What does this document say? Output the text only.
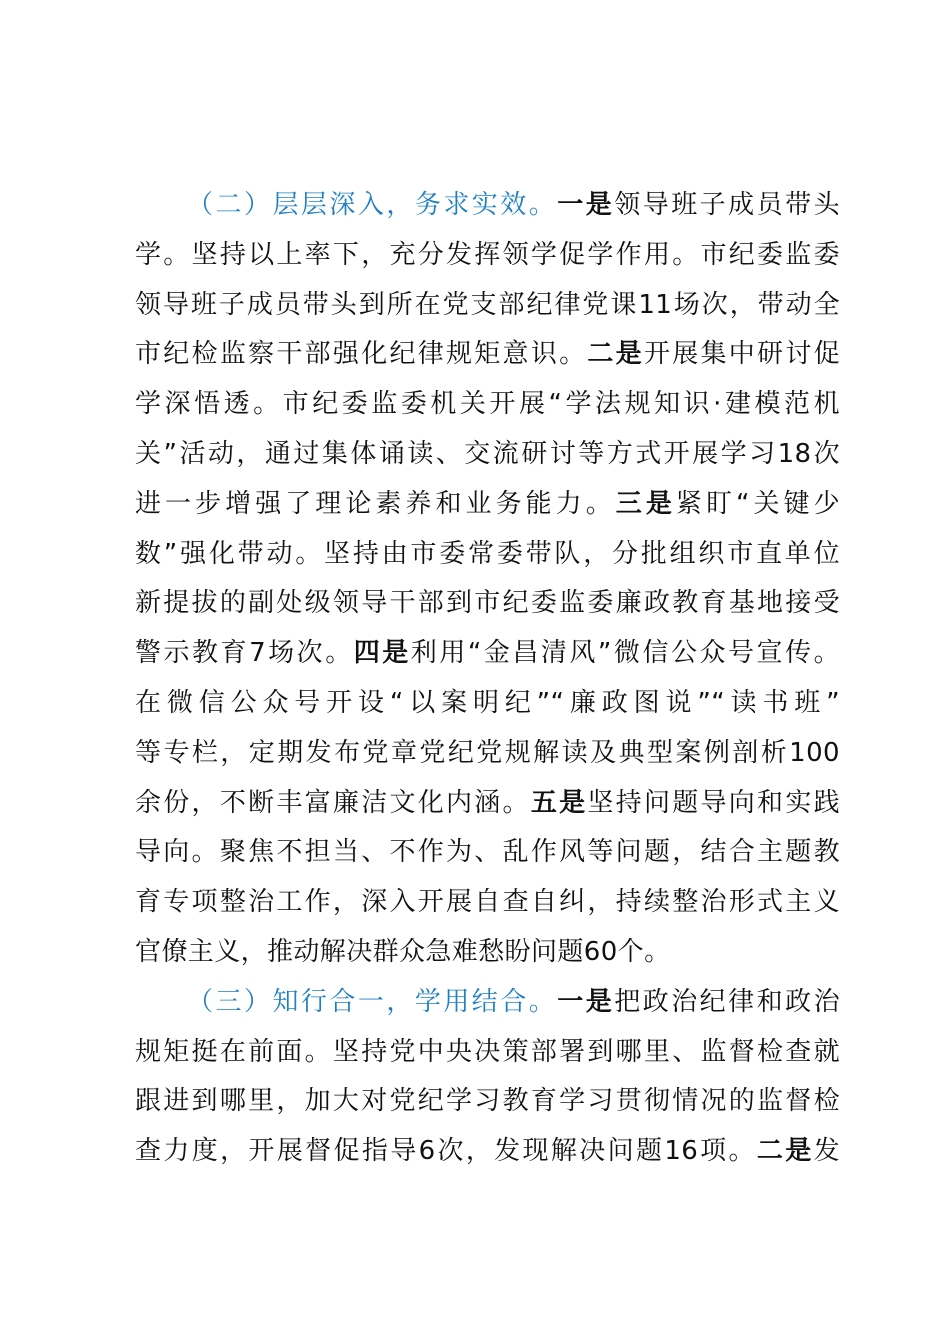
（二）层层深入，务求实效。一是领导班子成员带头
学。坚持以上率下，充分发挥领学促学作用。市纪委监委
领导班子成员带头到所在党支部纪律党课11场次，带动全
市纪检监察干部强化纪律规矩意识。二是开展集中研讨促
学深悟透。市纪委监委机关开展“学法规知识·建模范机
关”活动，通过集体诵读、交流研讨等方式开展学习18次
进一步增强了理论素养和业务能力。三是紧盯“关键少
数”强化带动。坚持由市委常委带队，分批组织市直单位
新提拔的副处级领导干部到市纪委监委廉政教育基地接受
警示教育7场次。四是利用“金昌清风”微信公众号宣传。
在微信公众号开设“以案明纪”“廉政图说”“读书班”
等专栏，定期发布党章党纪党规解读及典型案例剖析100
余份，不断丰富廉洁文化内涵。五是坚持问题导向和实践
导向。聚焦不担当、不作为、乱作风等问题，结合主题教
育专项整治工作，深入开展自查自纠，持续整治形式主义
官僚主义，推动解决群众急难愁盼问题60个。
（三）知行合一，学用结合。一是把政治纪律和政治
规矩挺在前面。坚持党中央决策部署到哪里、监督检查就
跟进到哪里，加大对党纪学习教育学习贯彻情况的监督检
查力度，开展督促指导6次，发现解决问题16项。二是发
